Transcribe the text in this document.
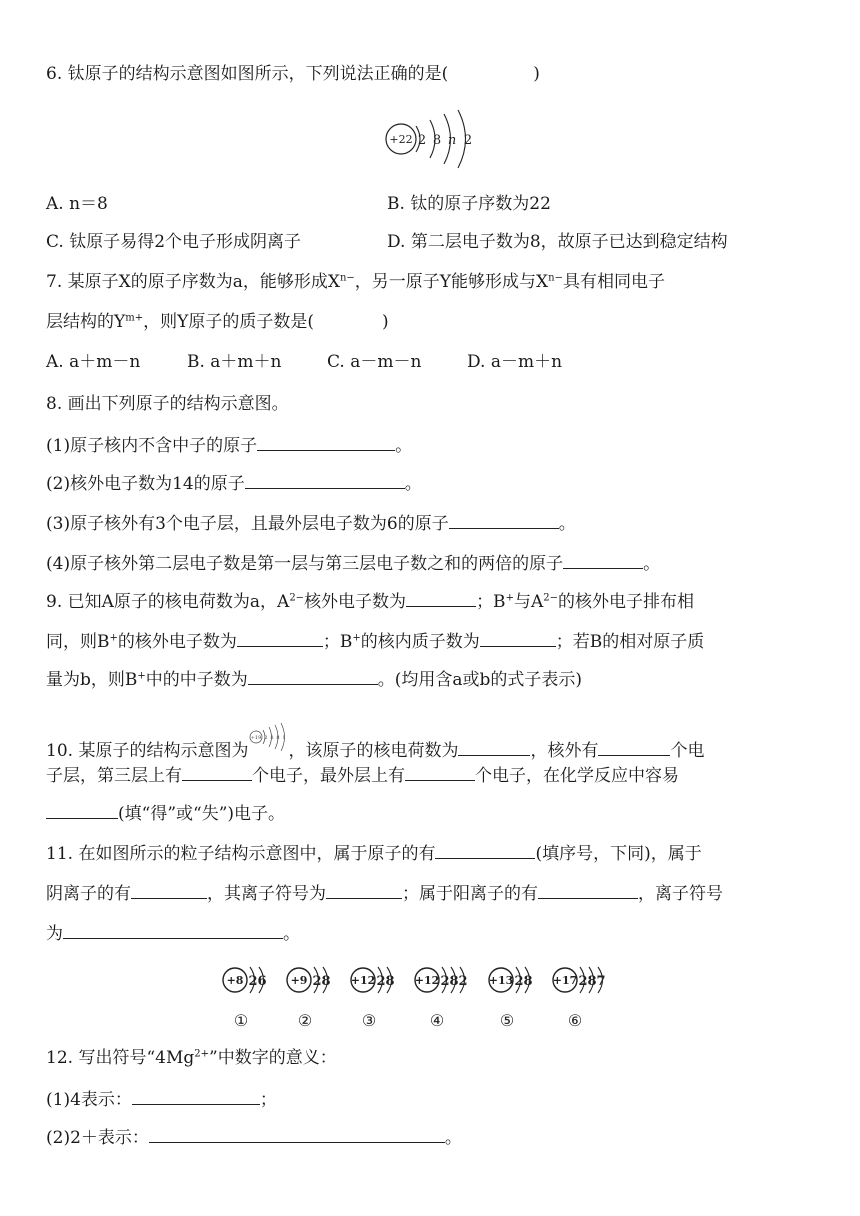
6. 钛原子的结构示意图如图所示，下列说法正确的是(　　　　　)
+22 2 8 n 2
A. n＝8	B. 钛的原子序数为22
C. 钛原子易得2个电子形成阴离子	D. 第二层电子数为8，故原子已达到稳定结构
7. 某原子X的原子序数为a，能够形成$X^{n-}$，另一原子Y能够形成与$X^{n-}$具有相同电子
层结构的$Y^{m+}$，则Y原子的质子数是(　　　　)
A. a＋m－n	B. a＋m＋n	C. a－m－n	D. a－m＋n
8. 画出下列原子的结构示意图。
(1)原子核内不含中子的原子	。
(2)核外电子数为14的原子	。
(3)原子核外有3个电子层，且最外层电子数为6的原子	。
(4)原子核外第二层电子数是第一层与第三层电子数之和的两倍的原子	。
9. 已知A原子的核电荷数为a，$A^{2-}$核外电子数为	；B+与$A^{2-}$的核外电子排布相
同，则B+的核外电子数为	；B+的核内质子数为	；若B的相对原子质
量为b，则B+中的中子数为	。(均用含a或b的式子表示)
10. 某原子的结构示意图为
+19 2 8 8 1
，该原子的核电荷数为	，核外有	个电
子层，第三层上有	个电子，最外层上有	个电子，在化学反应中容易
(填“得”或“失”)电子。
11. 在如图所示的粒子结构示意图中，属于原子的有	(填序号，下同)，属于
阴离子的有	，其离子符号为	；属于阳离子的有	，离子符号
为	。
+8 2 6
①
+9 2 8
②
+12 2 8
③
+12 2 8 2
④
+13 2 8
⑤
+17 2 8 7
⑥
12. 写出符号“$4Mg^{2+}$”中数字的意义：
(1)4表示：	；
(2)2＋表示：	。
